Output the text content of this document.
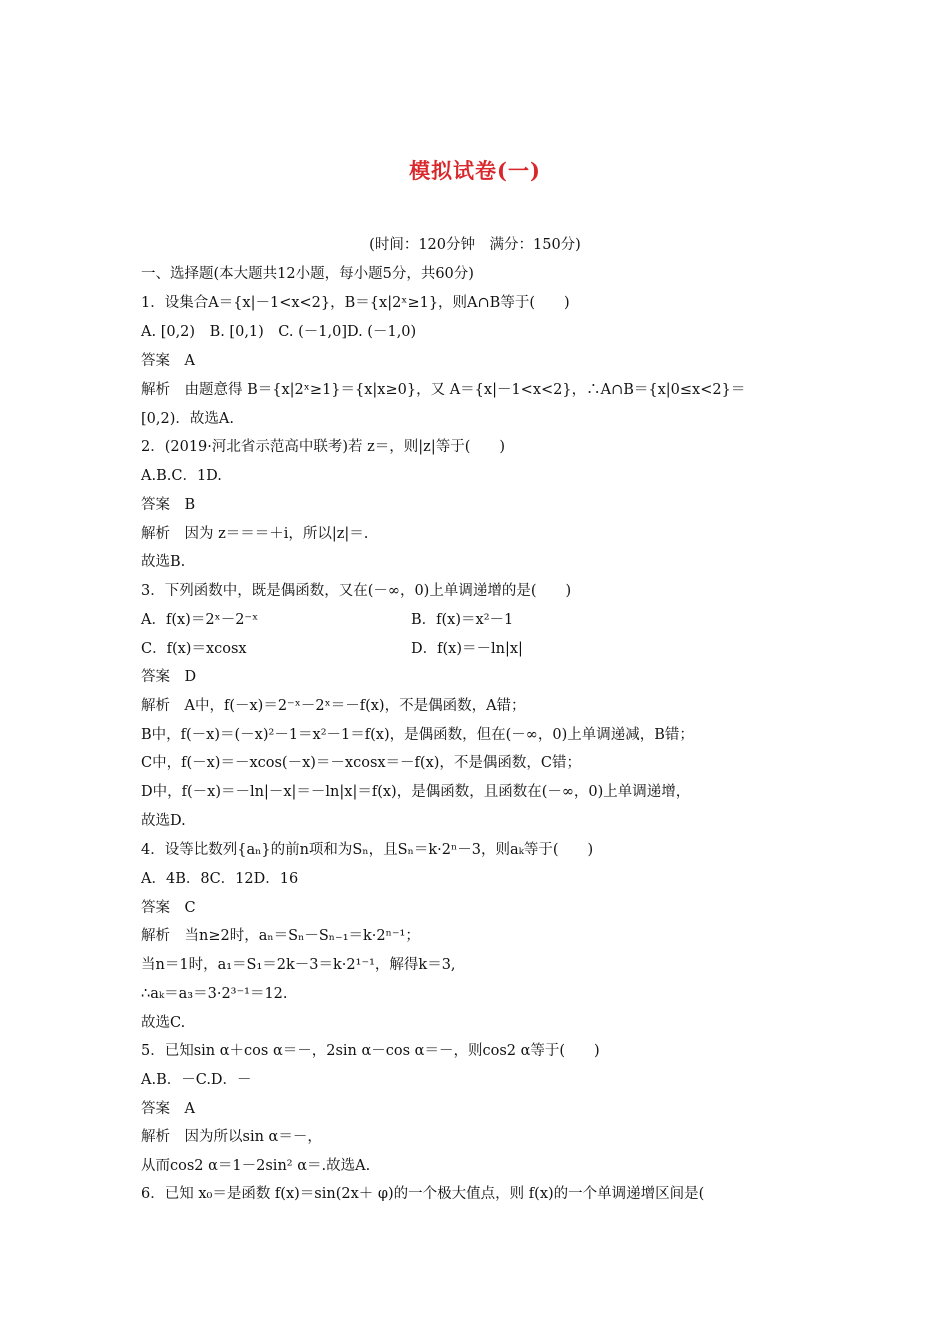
模拟试卷(一)
(时间：120分钟　满分：150分)
一、选择题(本大题共12小题，每小题5分，共60分)
1．设集合A＝{x|－1<x<2}，B＝{x|2ˣ≥1}，则A∩B等于(　　)
A. [0,2)　B. [0,1)　C. (－1,0]D. (－1,0)
答案　A
解析　由题意得 B＝{x|2ˣ≥1}＝{x|x≥0}，又 A＝{x|－1<x<2}，∴A∩B＝{x|0≤x<2}＝
[0,2)．故选A.
2．(2019·河北省示范高中联考)若 z＝，则|z|等于(　　)
A.B.C．1D.
答案　B
解析　因为 z＝＝＝＋i，所以|z|＝.
故选B.
3．下列函数中，既是偶函数，又在(－∞，0)上单调递增的是(　　)
A．f(x)＝2ˣ－2⁻ˣ	B．f(x)＝x²－1
C．f(x)＝xcosx	D．f(x)＝－ln|x|
答案　D
解析　A中，f(－x)＝2⁻ˣ－2ˣ＝－f(x)，不是偶函数，A错；
B中，f(－x)＝(－x)²－1＝x²－1＝f(x)，是偶函数，但在(－∞，0)上单调递减，B错；
C中，f(－x)＝－xcos(－x)＝－xcosx＝－f(x)，不是偶函数，C错；
D中，f(－x)＝－ln|－x|＝－ln|x|＝f(x)，是偶函数，且函数在(－∞，0)上单调递增，
故选D.
4．设等比数列{aₙ}的前n项和为Sₙ，且Sₙ＝k·2ⁿ－3，则aₖ等于(　　)
A．4B．8C．12D．16
答案　C
解析　当n≥2时，aₙ＝Sₙ－Sₙ₋₁＝k·2ⁿ⁻¹；
当n＝1时，a₁＝S₁＝2k－3＝k·2¹⁻¹，解得k＝3,
∴aₖ＝a₃＝3·2³⁻¹＝12.
故选C.
5．已知sin α＋cos α＝－，2sin α－cos α＝－，则cos2 α等于(　　)
A.B．－C.D．－
答案　A
解析　因为所以sin α＝－，
从而cos2 α＝1－2sin² α＝.故选A.
6．已知 x₀＝是函数 f(x)＝sin(2x＋ φ)的一个极大值点，则 f(x)的一个单调递增区间是(
